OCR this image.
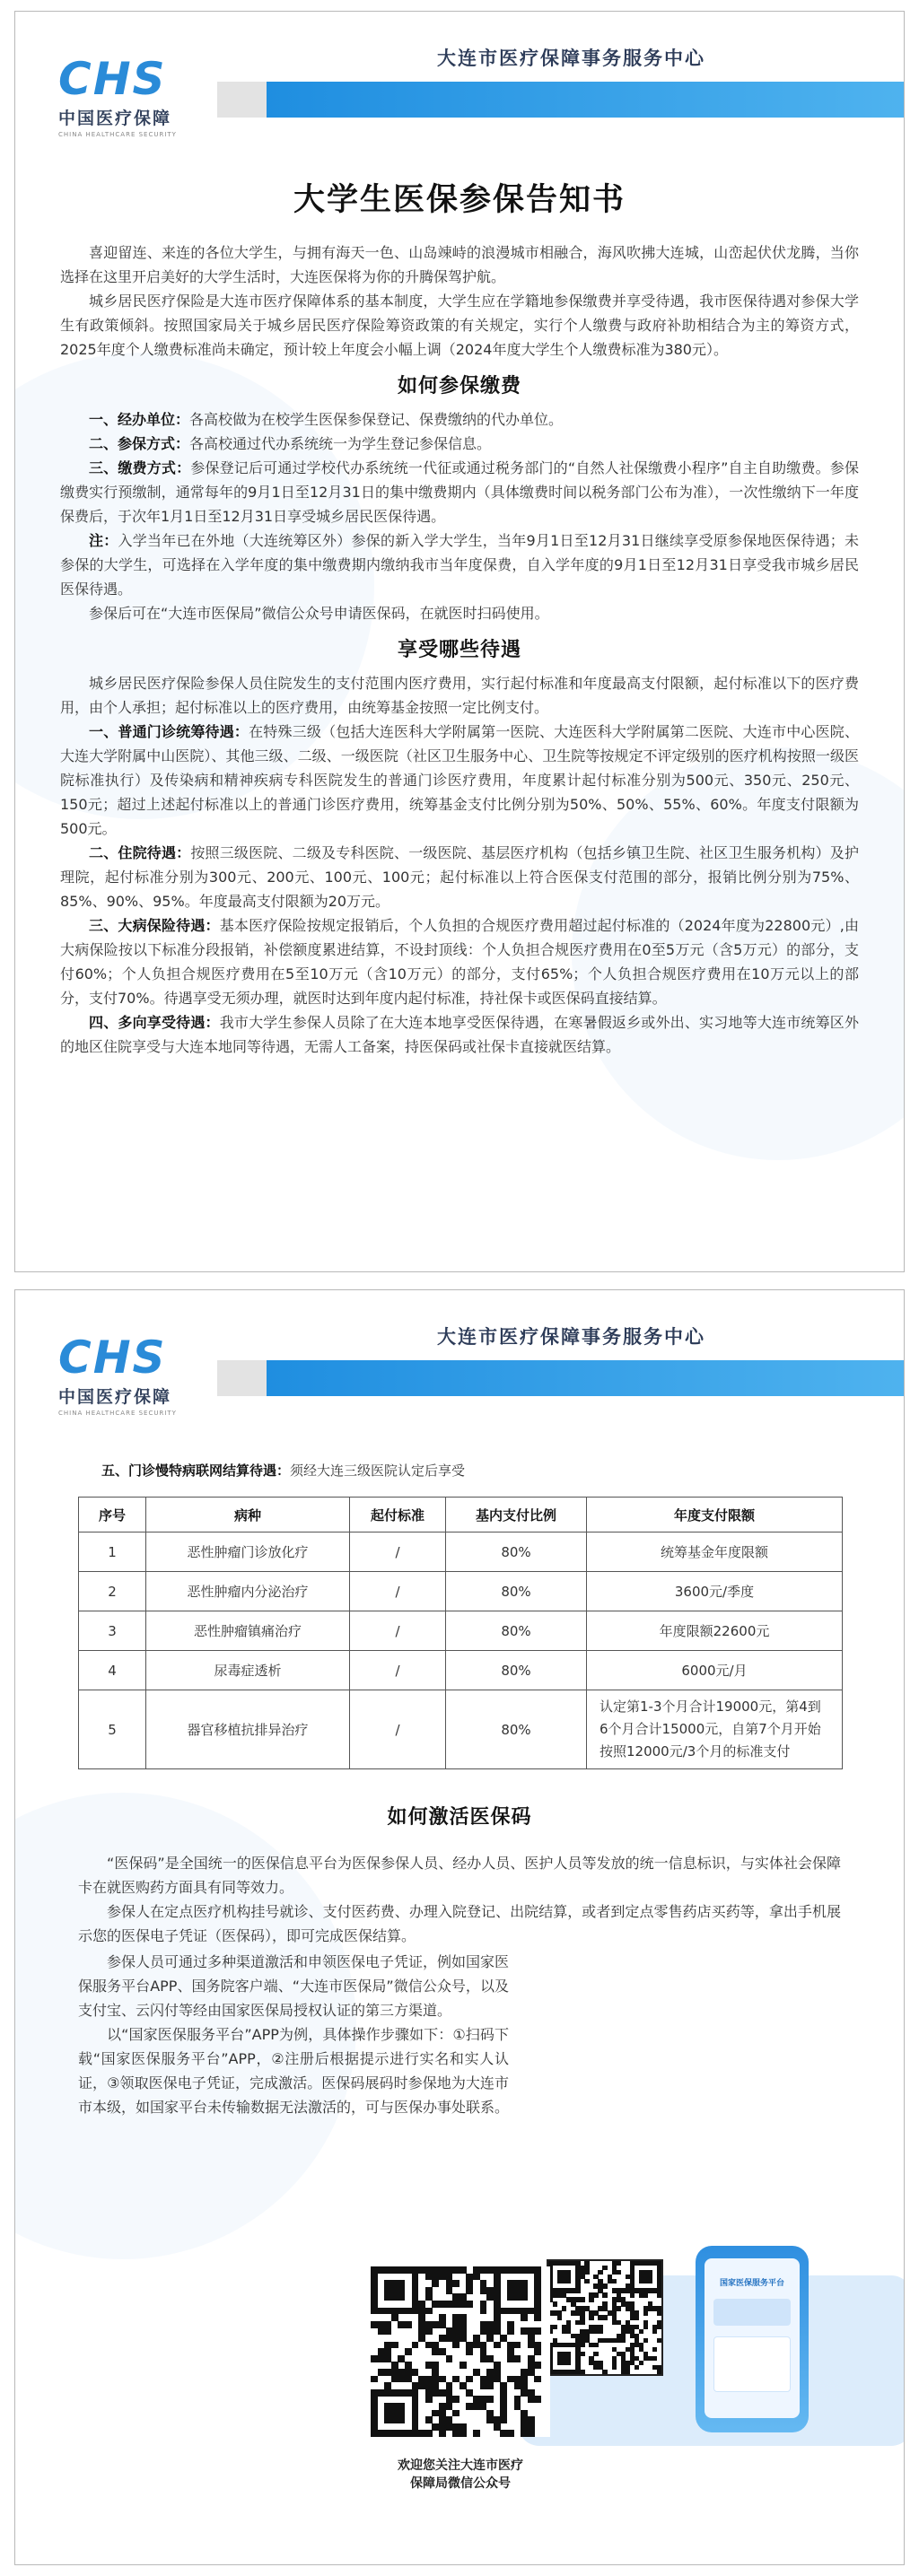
CHS
中国医疗保障
CHINA HEALTHCARE SECURITY
大连市医疗保障事务服务中心
大学生医保参保告知书

喜迎留连、来连的各位大学生，与拥有海天一色、山岛竦峙的浪漫城市相融合，海风吹拂大连城，山峦起伏伏龙腾，当你选择在这里开启美好的大学生活时，大连医保将为你的升腾保驾护航。

城乡居民医疗保险是大连市医疗保障体系的基本制度，大学生应在学籍地参保缴费并享受待遇，我市医保待遇对参保大学生有政策倾斜。按照国家局关于城乡居民医疗保险筹资政策的有关规定，实行个人缴费与政府补助相结合为主的筹资方式，2025年度个人缴费标准尚未确定，预计较上年度会小幅上调（2024年度大学生个人缴费标准为380元）。

如何参保缴费

一、经办单位：各高校做为在校学生医保参保登记、保费缴纳的代办单位。

二、参保方式：各高校通过代办系统统一为学生登记参保信息。

三、缴费方式：参保登记后可通过学校代办系统统一代征或通过税务部门的“自然人社保缴费小程序”自主自助缴费。参保缴费实行预缴制，通常每年的9月1日至12月31日的集中缴费期内（具体缴费时间以税务部门公布为准），一次性缴纳下一年度保费后，于次年1月1日至12月31日享受城乡居民医保待遇。

注：入学当年已在外地（大连统筹区外）参保的新入学大学生，当年9月1日至12月31日继续享受原参保地医保待遇；未参保的大学生，可选择在入学年度的集中缴费期内缴纳我市当年度保费，自入学年度的9月1日至12月31日享受我市城乡居民医保待遇。

参保后可在“大连市医保局”微信公众号申请医保码，在就医时扫码使用。

享受哪些待遇

城乡居民医疗保险参保人员住院发生的支付范围内医疗费用，实行起付标准和年度最高支付限额，起付标准以下的医疗费用，由个人承担；起付标准以上的医疗费用，由统筹基金按照一定比例支付。

一、普通门诊统筹待遇：在特殊三级（包括大连医科大学附属第一医院、大连医科大学附属第二医院、大连市中心医院、大连大学附属中山医院）、其他三级、二级、一级医院（社区卫生服务中心、卫生院等按规定不评定级别的医疗机构按照一级医院标准执行）及传染病和精神疾病专科医院发生的普通门诊医疗费用，年度累计起付标准分别为500元、350元、250元、150元；超过上述起付标准以上的普通门诊医疗费用，统筹基金支付比例分别为50%、50%、55%、60%。年度支付限额为500元。

二、住院待遇：按照三级医院、二级及专科医院、一级医院、基层医疗机构（包括乡镇卫生院、社区卫生服务机构）及护理院，起付标准分别为300元、200元、100元、100元；起付标准以上符合医保支付范围的部分，报销比例分别为75%、85%、90%、95%。年度最高支付限额为20万元。

三、大病保险待遇：基本医疗保险按规定报销后，个人负担的合规医疗费用超过起付标准的（2024年度为22800元）,由大病保险按以下标准分段报销，补偿额度累进结算，不设封顶线：个人负担合规医疗费用在0至5万元（含5万元）的部分，支付60%；个人负担合规医疗费用在5至10万元（含10万元）的部分，支付65%；个人负担合规医疗费用在10万元以上的部分，支付70%。待遇享受无须办理，就医时达到年度内起付标准，持社保卡或医保码直接结算。

四、多向享受待遇：我市大学生参保人员除了在大连本地享受医保待遇，在寒暑假返乡或外出、实习地等大连市统筹区外的地区住院享受与大连本地同等待遇，无需人工备案，持医保码或社保卡直接就医结算。

CHS
中国医疗保障
CHINA HEALTHCARE SECURITY
大连市医疗保障事务服务中心
五、门诊慢特病联网结算待遇：须经大连三级医院认定后享受
序号	病种	起付标准	基内支付比例	年度支付限额
1	恶性肿瘤门诊放化疗	/	80%	统筹基金年度限额
2	恶性肿瘤内分泌治疗	/	80%	3600元/季度
3	恶性肿瘤镇痛治疗	/	80%	年度限额22600元
4	尿毒症透析	/	80%	6000元/月
5	器官移植抗排异治疗	/	80%	认定第1-3个月合计19000元，第4到6个月合计15000元，自第7个月开始按照12000元/3个月的标准支付
如何激活医保码

“医保码”是全国统一的医保信息平台为医保参保人员、经办人员、医护人员等发放的统一信息标识，与实体社会保障卡在就医购药方面具有同等效力。

参保人在定点医疗机构挂号就诊、支付医药费、办理入院登记、出院结算，或者到定点零售药店买药等，拿出手机展示您的医保电子凭证（医保码），即可完成医保结算。

参保人员可通过多种渠道激活和申领医保电子凭证，例如国家医保服务平台APP、国务院客户端、“大连市医保局”微信公众号，以及支付宝、云闪付等经由国家医保局授权认证的第三方渠道。

以“国家医保服务平台”APP为例，具体操作步骤如下：①扫码下载“国家医保服务平台”APP，②注册后根据提示进行实名和实人认证，③领取医保电子凭证，完成激活。医保码展码时参保地为大连市市本级，如国家平台未传输数据无法激活的，可与医保办事处联系。

国家医保服务平台
欢迎您关注大连市医疗
保障局微信公众号
